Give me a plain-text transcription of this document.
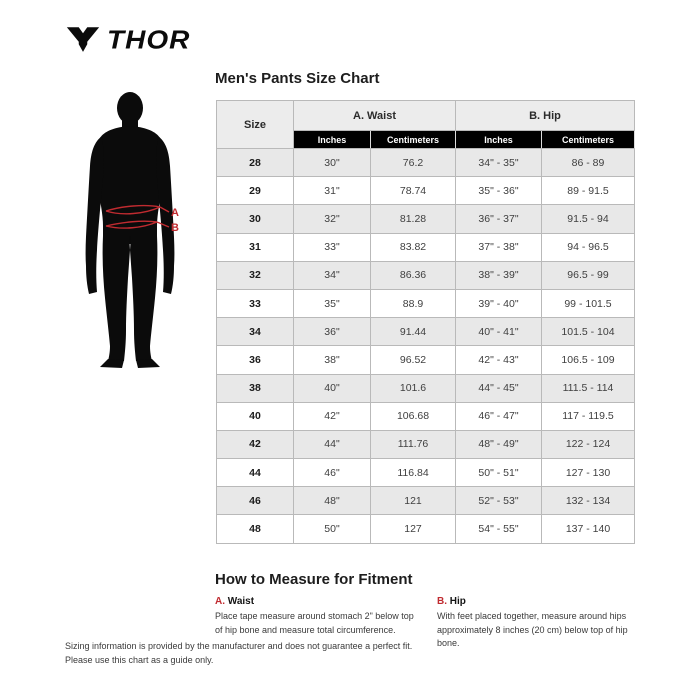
THOR
A
B
Men's Pants Size Chart
Size	A. Waist		B. Hip	
	Inches	Centimeters	Inches	Centimeters
28	30"	76.2	34" - 35"	86 - 89
29	31"	78.74	35" - 36"	89 - 91.5
30	32"	81.28	36" - 37"	91.5 - 94
31	33"	83.82	37" - 38"	94 - 96.5
32	34"	86.36	38" - 39"	96.5 - 99
33	35"	88.9	39" - 40"	99 - 101.5
34	36"	91.44	40" - 41"	101.5 - 104
36	38"	96.52	42" - 43"	106.5 - 109
38	40"	101.6	44" - 45"	111.5 - 114
40	42"	106.68	46" - 47"	117 - 119.5
42	44"	111.76	48" - 49"	122 - 124
44	46"	116.84	50" - 51"	127 - 130
46	48"	121	52" - 53"	132 - 134
48	50"	127	54" - 55"	137 - 140
How to Measure for Fitment

A. Waist

Place tape measure around stomach 2" below top of hip bone and measure total circumference.

B. Hip

With feet placed together, measure around hips approximately 8 inches (20 cm) below top of hip bone.

Sizing information is provided by the manufacturer and does not guarantee a perfect fit.
Please use this chart as a guide only.
